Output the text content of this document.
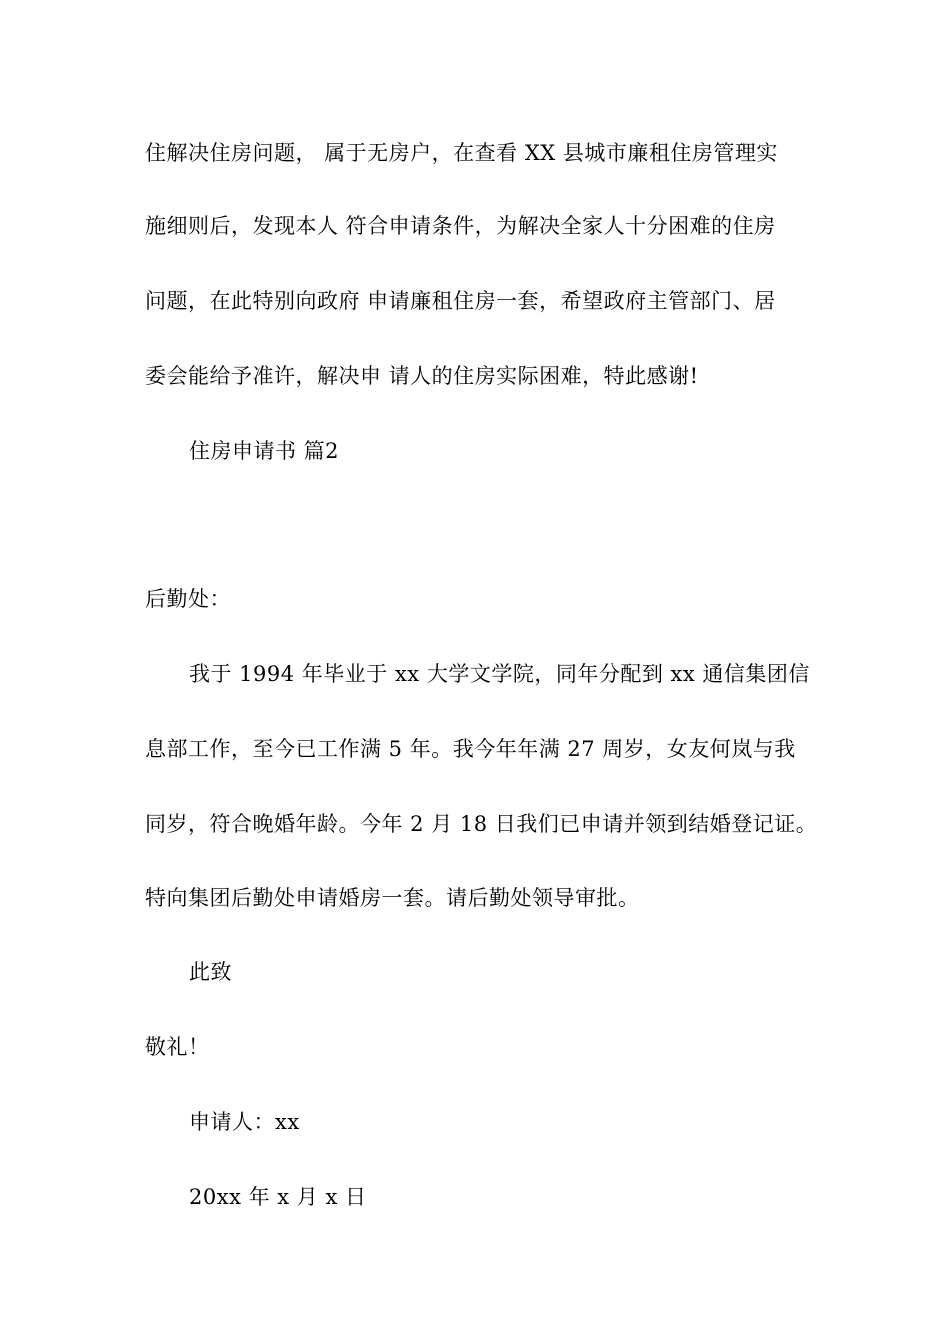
住解决住房问题， 属于无房户，在查看 XX 县城市廉租住房管理实
施细则后，发现本人 符合申请条件，为解决全家人十分困难的住房
问题，在此特别向政府 申请廉租住房一套，希望政府主管部门、居
委会能给予准许，解决申 请人的住房实际困难，特此感谢!
住房申请书 篇2
后勤处：
我于 1994 年毕业于 xx 大学文学院，同年分配到 xx 通信集团信
息部工作，至今已工作满 5 年。我今年年满 27 周岁，女友何岚与我
同岁，符合晚婚年龄。今年 2 月 18 日我们已申请并领到结婚登记证。
特向集团后勤处申请婚房一套。请后勤处领导审批。
此致
敬礼！
申请人：xx
20xx 年 x 月 x 日
